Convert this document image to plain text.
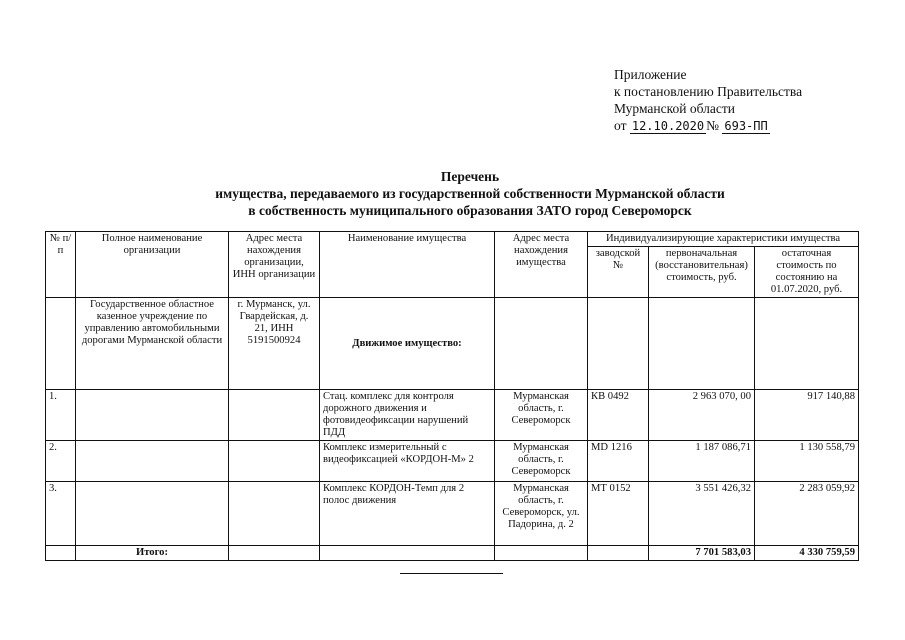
Приложение
к постановлению Правительства
Мурманской области
от 12.10.2020 № 693-ПП
Перечень
имущества, передаваемого из государственной собственности Мурманской области
в собственность муниципального образования ЗАТО город Североморск
№ п/п	Полное наименование организации	Адрес места нахождения организации, ИНН организации	Наименование имущества	Адрес места нахождения имущества	Индивидуализирующие характеристики имущества		
					заводской №	первоначальная (восстановительная) стоимость, руб.	остаточная стоимость по состоянию на 01.07.2020, руб.
	Государственное областное казенное учреждение по управлению автомобильными дорогами Мурманской области	г. Мурманск, ул. Гвардейская, д. 21, ИНН 5191500924	Движимое имущество:				
1.			Стац. комплекс для контроля дорожного движения и фотовидеофиксации нарушений ПДД	Мурманская область, г. Североморск	КВ 0492	2 963 070, 00	917 140,88
2.			Комплекс измерительный с видеофиксацией «КОРДОН-М» 2	Мурманская область, г. Североморск	MD 1216	1 187 086,71	1 130 558,79
3.			Комплекс КОРДОН-Темп для 2 полос движения	Мурманская область, г. Североморск, ул. Падорина, д. 2	МТ 0152	3 551 426,32	2 283 059,92
	Итого:					7 701 583,03	4 330 759,59
